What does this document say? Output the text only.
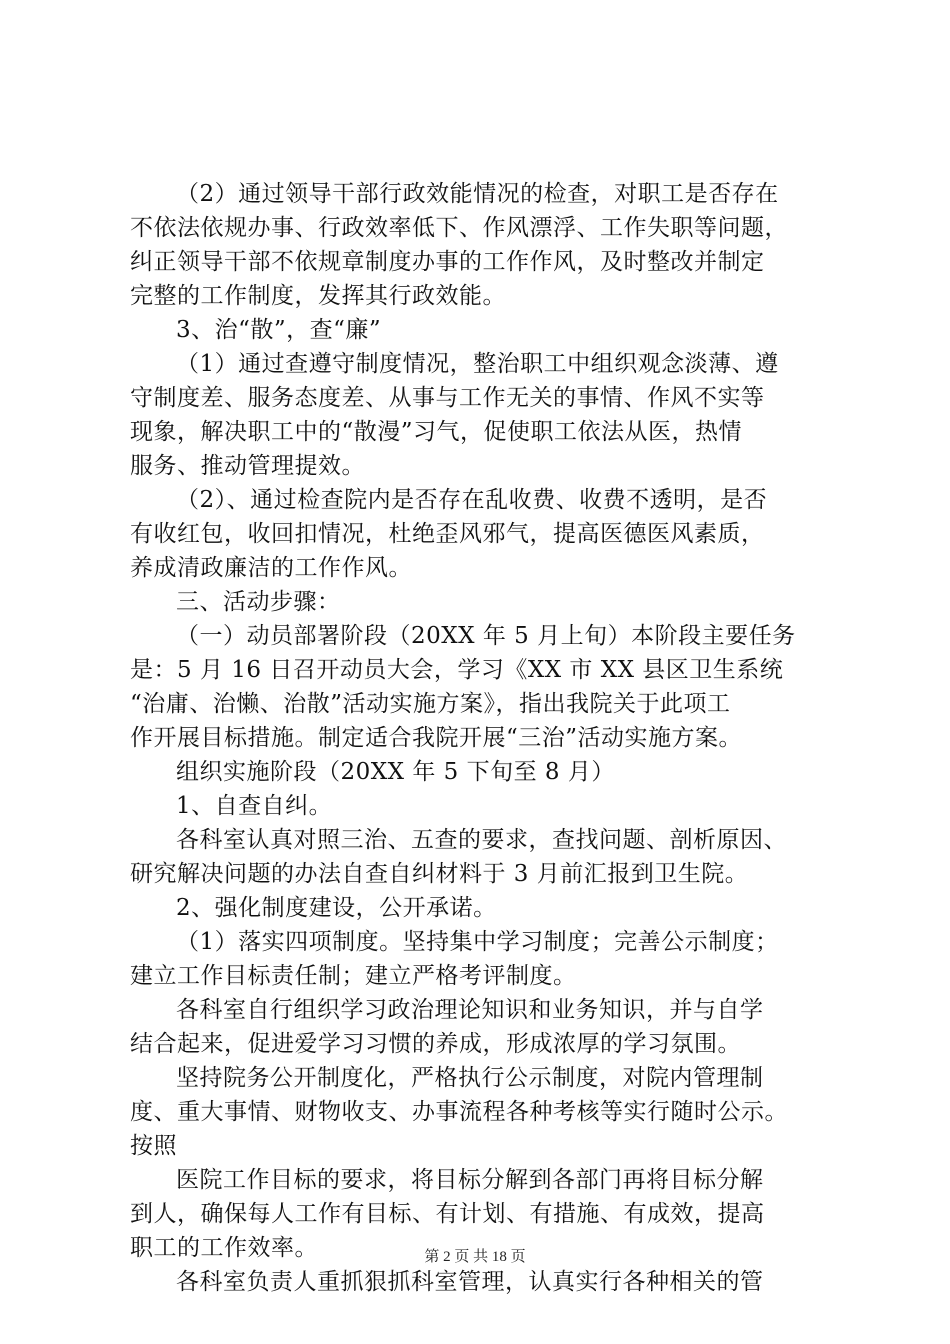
（2）通过领导干部行政效能情况的检查，对职工是否存在
不依法依规办事、行政效率低下、作风漂浮、工作失职等问题，
纠正领导干部不依规章制度办事的工作作风，及时整改并制定
完整的工作制度，发挥其行政效能。
3、治“散”，查“廉”
（1）通过查遵守制度情况，整治职工中组织观念淡薄、遵
守制度差、服务态度差、从事与工作无关的事情、作风不实等
现象，解决职工中的“散漫”习气，促使职工依法从医，热情
服务、推动管理提效。
（2）、通过检查院内是否存在乱收费、收费不透明，是否
有收红包，收回扣情况，杜绝歪风邪气，提高医德医风素质，
养成清政廉洁的工作作风。
三、活动步骤：
（一）动员部署阶段（20XX 年 5 月上旬）本阶段主要任务
是：5 月 16 日召开动员大会，学习《XX 市 XX 县区卫生系统
“治庸、治懒、治散”活动实施方案》，指出我院关于此项工
作开展目标措施。制定适合我院开展“三治”活动实施方案。
组织实施阶段（20XX 年 5 下旬至 8 月）
1、自查自纠。
各科室认真对照三治、五查的要求，查找问题、剖析原因、
研究解决问题的办法自查自纠材料于 3 月前汇报到卫生院。
2、强化制度建设，公开承诺。
（1）落实四项制度。坚持集中学习制度；完善公示制度；
建立工作目标责任制；建立严格考评制度。
各科室自行组织学习政治理论知识和业务知识，并与自学
结合起来，促进爱学习习惯的养成，形成浓厚的学习氛围。
坚持院务公开制度化，严格执行公示制度，对院内管理制
度、重大事情、财物收支、办事流程各种考核等实行随时公示。
按照
医院工作目标的要求，将目标分解到各部门再将目标分解
到人，确保每人工作有目标、有计划、有措施、有成效，提高
职工的工作效率。
各科室负责人重抓狠抓科室管理，认真实行各种相关的管
第 2 页 共 18 页
